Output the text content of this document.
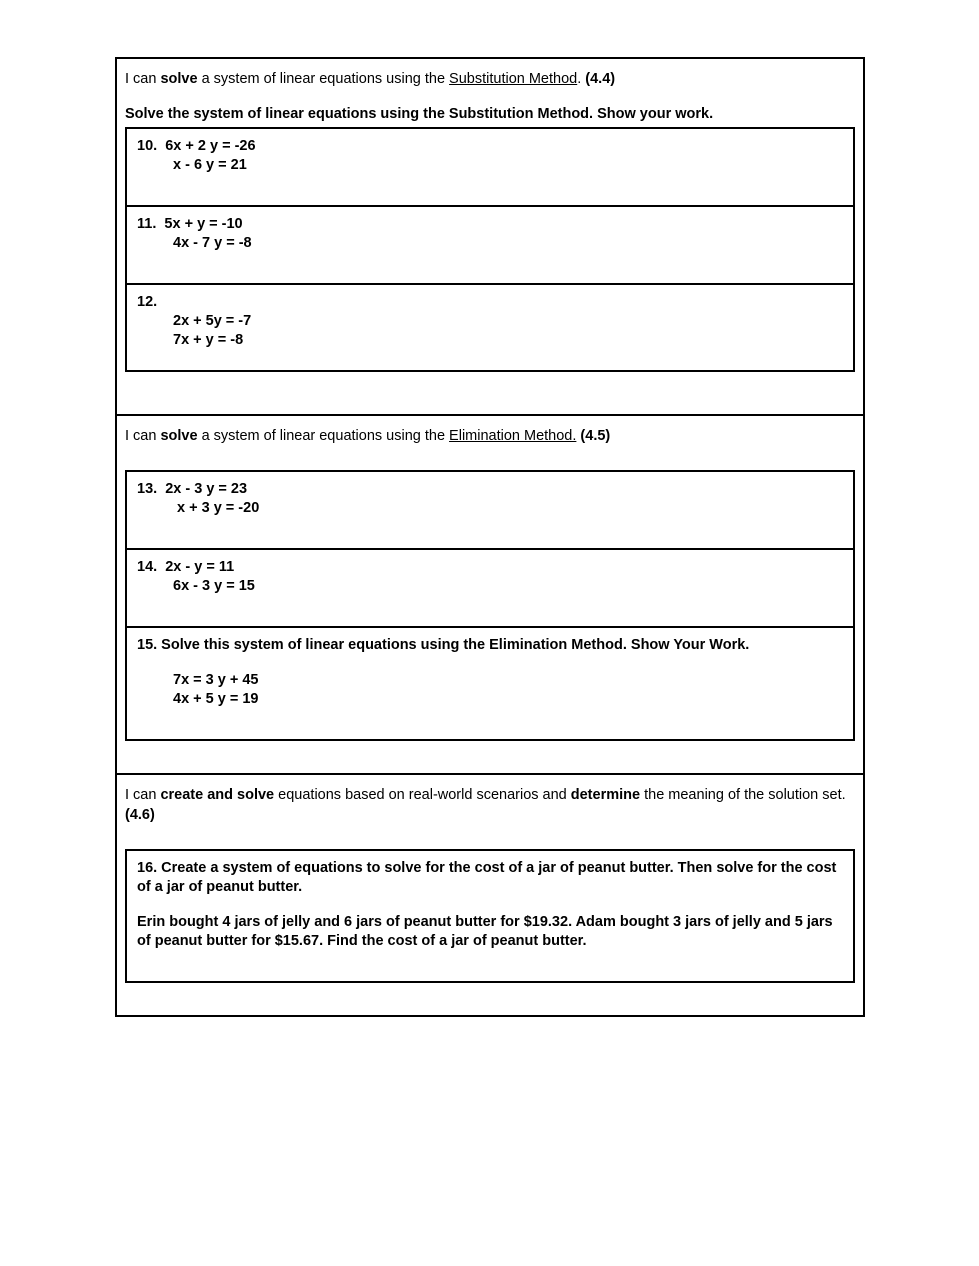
I can solve a system of linear equations using the Substitution Method. (4.4)
Solve the system of linear equations using the Substitution Method. Show your work.
10. 6x + 2 y = -26
x - 6 y = 21
11. 5x + y = -10
4x - 7 y = -8
12.
2x + 5y = -7
7x + y = -8
I can solve a system of linear equations using the Elimination Method. (4.5)
13. 2x - 3 y = 23
x + 3 y = -20
14. 2x - y = 11
6x - 3 y = 15
15. Solve this system of linear equations using the Elimination Method. Show Your Work.
7x = 3 y + 45
4x + 5 y = 19
I can create and solve equations based on real-world scenarios and determine the meaning of the solution set. (4.6)
16. Create a system of equations to solve for the cost of a jar of peanut butter. Then solve for the cost of a jar of peanut butter.
Erin bought 4 jars of jelly and 6 jars of peanut butter for $19.32. Adam bought 3 jars of jelly and 5 jars of peanut butter for $15.67. Find the cost of a jar of peanut butter.
